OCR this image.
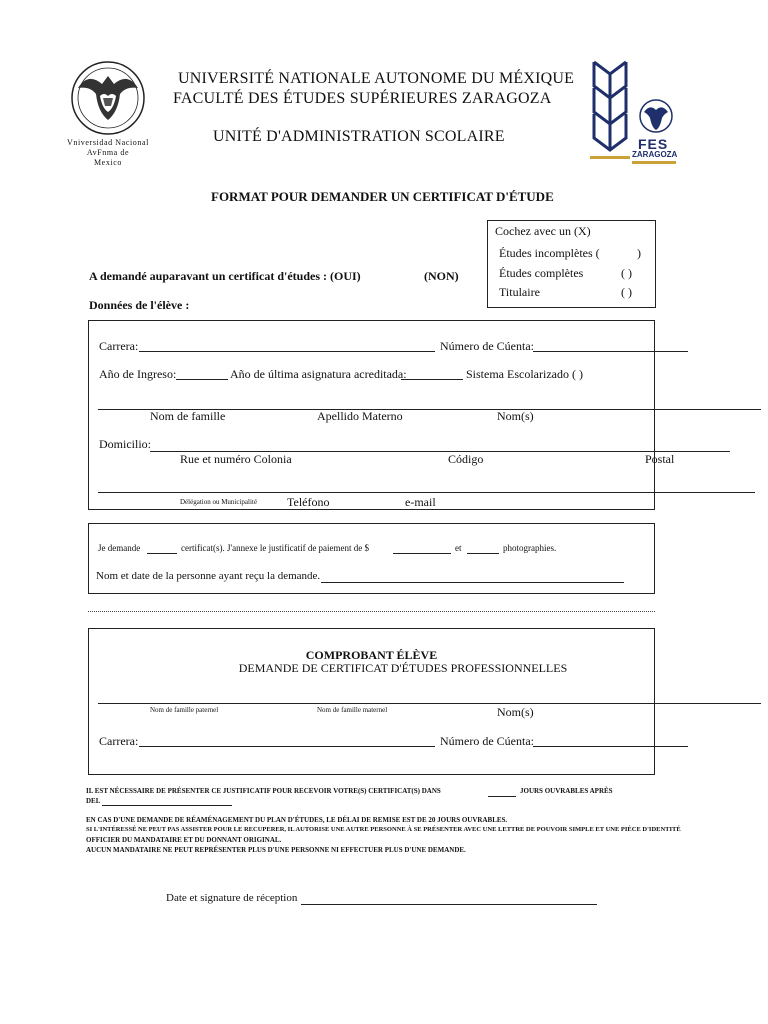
Vniversidad Nacional
AvFnma de
Mexico
UNIVERSITÉ NATIONALE AUTONOME DU MÉXIQUE
FACULTÉ DES ÉTUDES SUPÉRIEURES ZARAGOZA
UNITÉ D'ADMINISTRATION SCOLAIRE	FES
ZARAGOZA
FORMAT POUR DEMANDER UN CERTIFICAT D'ÉTUDE
Cochez avec un (X)
Études incomplètes (	)
Études complètes	( )
Titulaire	( )
A demandé auparavant un certificat d'études : (OUI)	(NON)
Données de l'élève :
Carrera:	Número de Cúenta:
Año de Ingreso:	Año de última asignatura acreditada:	Sistema Escolarizado ( )
Nom de famille	Apellido Materno	Nom(s)
Domicilio:
Rue et numéro Colonia	Código	Postal
Délégation ou Municipalité	Teléfono	e-mail
Je demande	certificat(s). J'annexe le justificatif de paiement de $	et	photographies.
Nom et date de la personne ayant reçu la demande.
COMPROBANT ÉLÈVE
DEMANDE DE CERTIFICAT D'ÉTUDES PROFESSIONNELLES
Nom de famille paternel	Nom de famille maternel	Nom(s)
Carrera:	Número de Cúenta:
IL EST NÉCESSAIRE DE PRÉSENTER CE JUSTIFICATIF POUR RECEVOIR VOTRE(S) CERTIFICAT(S) DANS	JOURS OUVRABLES APRÈS
DEL
EN CAS D'UNE DEMANDE DE RÉAMÉNAGEMENT DU PLAN D'ÉTUDES, LE DÉLAI DE REMISE EST DE 20 JOURS OUVRABLES.
SI L'INTÉRESSÉ NE PEUT PAS ASSISTER POUR LE RECUPERER, IL AUTORISE UNE AUTRE PERSONNE À SE PRÉSENTER AVEC UNE LETTRE DE POUVOIR SIMPLE ET UNE PIÈCE D'IDENTITÉ
OFFICIER DU MANDATAIRE ET DU DONNANT ORIGINAL.
AUCUN MANDATAIRE NE PEUT REPRÉSENTER PLUS D'UNE PERSONNE NI EFFECTUER PLUS D'UNE DEMANDE.
Date et signature de réception
